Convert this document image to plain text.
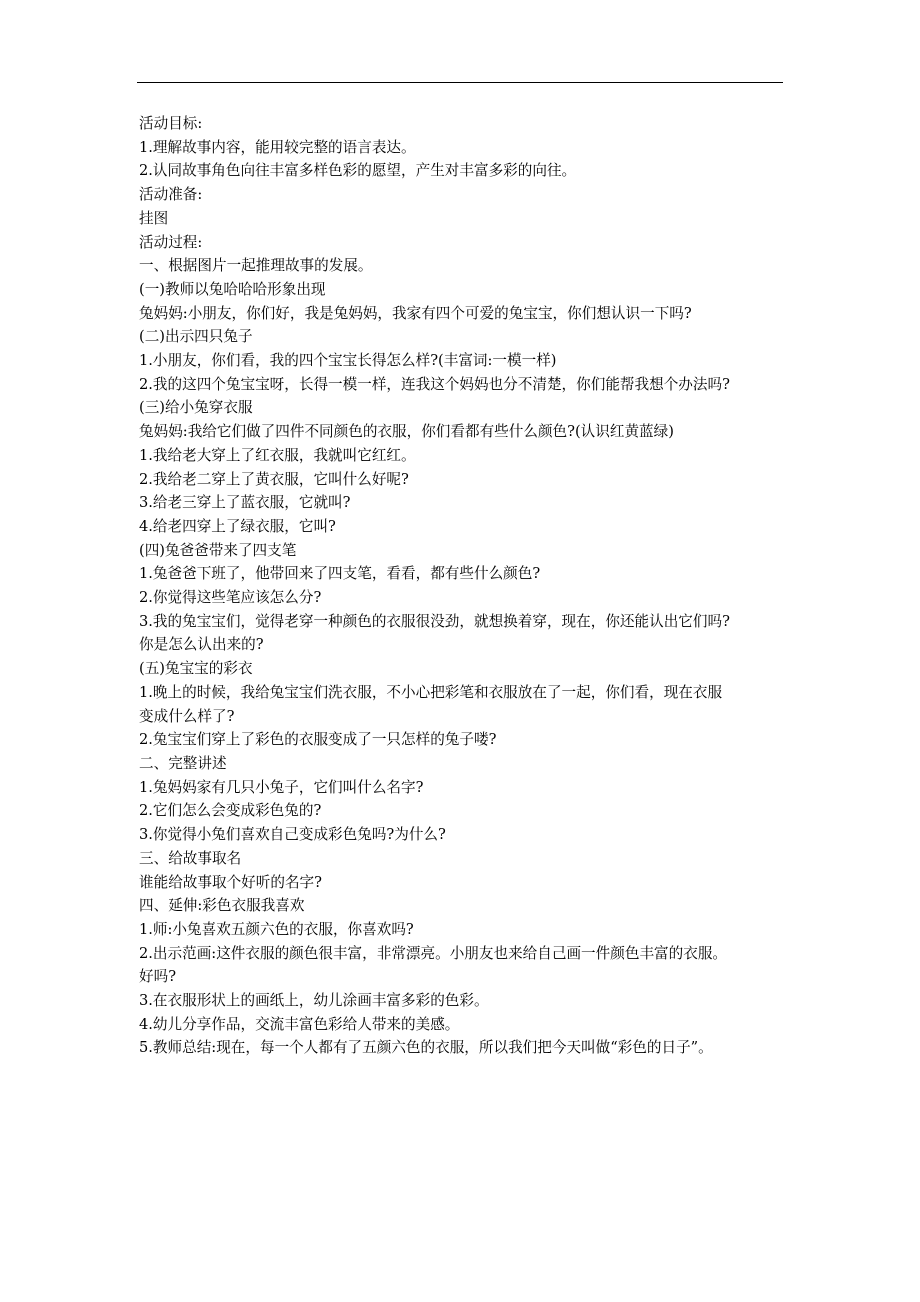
活动目标:
1.理解故事内容，能用较完整的语言表达。
2.认同故事角色向往丰富多样色彩的愿望，产生对丰富多彩的向往。
活动准备:
挂图
活动过程:
一、根据图片一起推理故事的发展。
(一)教师以兔哈哈哈形象出现
兔妈妈:小朋友，你们好，我是兔妈妈，我家有四个可爱的兔宝宝，你们想认识一下吗?
(二)出示四只兔子
1.小朋友，你们看，我的四个宝宝长得怎么样?(丰富词:一模一样)
2.我的这四个兔宝宝呀，长得一模一样，连我这个妈妈也分不清楚，你们能帮我想个办法吗?
(三)给小兔穿衣服
兔妈妈:我给它们做了四件不同颜色的衣服，你们看都有些什么颜色?(认识红黄蓝绿)
1.我给老大穿上了红衣服，我就叫它红红。
2.我给老二穿上了黄衣服，它叫什么好呢?
3.给老三穿上了蓝衣服，它就叫?
4.给老四穿上了绿衣服，它叫?
(四)兔爸爸带来了四支笔
1.兔爸爸下班了，他带回来了四支笔，看看，都有些什么颜色?
2.你觉得这些笔应该怎么分?
3.我的兔宝宝们，觉得老穿一种颜色的衣服很没劲，就想换着穿，现在，你还能认出它们吗?
你是怎么认出来的?
(五)兔宝宝的彩衣
1.晚上的时候，我给兔宝宝们洗衣服，不小心把彩笔和衣服放在了一起，你们看，现在衣服
变成什么样了?
2.兔宝宝们穿上了彩色的衣服变成了一只怎样的兔子喽?
二、完整讲述
1.兔妈妈家有几只小兔子，它们叫什么名字?
2.它们怎么会变成彩色兔的?
3.你觉得小兔们喜欢自己变成彩色兔吗?为什么?
三、给故事取名
谁能给故事取个好听的名字?
四、延伸:彩色衣服我喜欢
1.师:小兔喜欢五颜六色的衣服，你喜欢吗?
2.出示范画:这件衣服的颜色很丰富，非常漂亮。小朋友也来给自己画一件颜色丰富的衣服。
好吗?
3.在衣服形状上的画纸上，幼儿涂画丰富多彩的色彩。
4.幼儿分享作品，交流丰富色彩给人带来的美感。
5.教师总结:现在，每一个人都有了五颜六色的衣服，所以我们把今天叫做“彩色的日子”。
